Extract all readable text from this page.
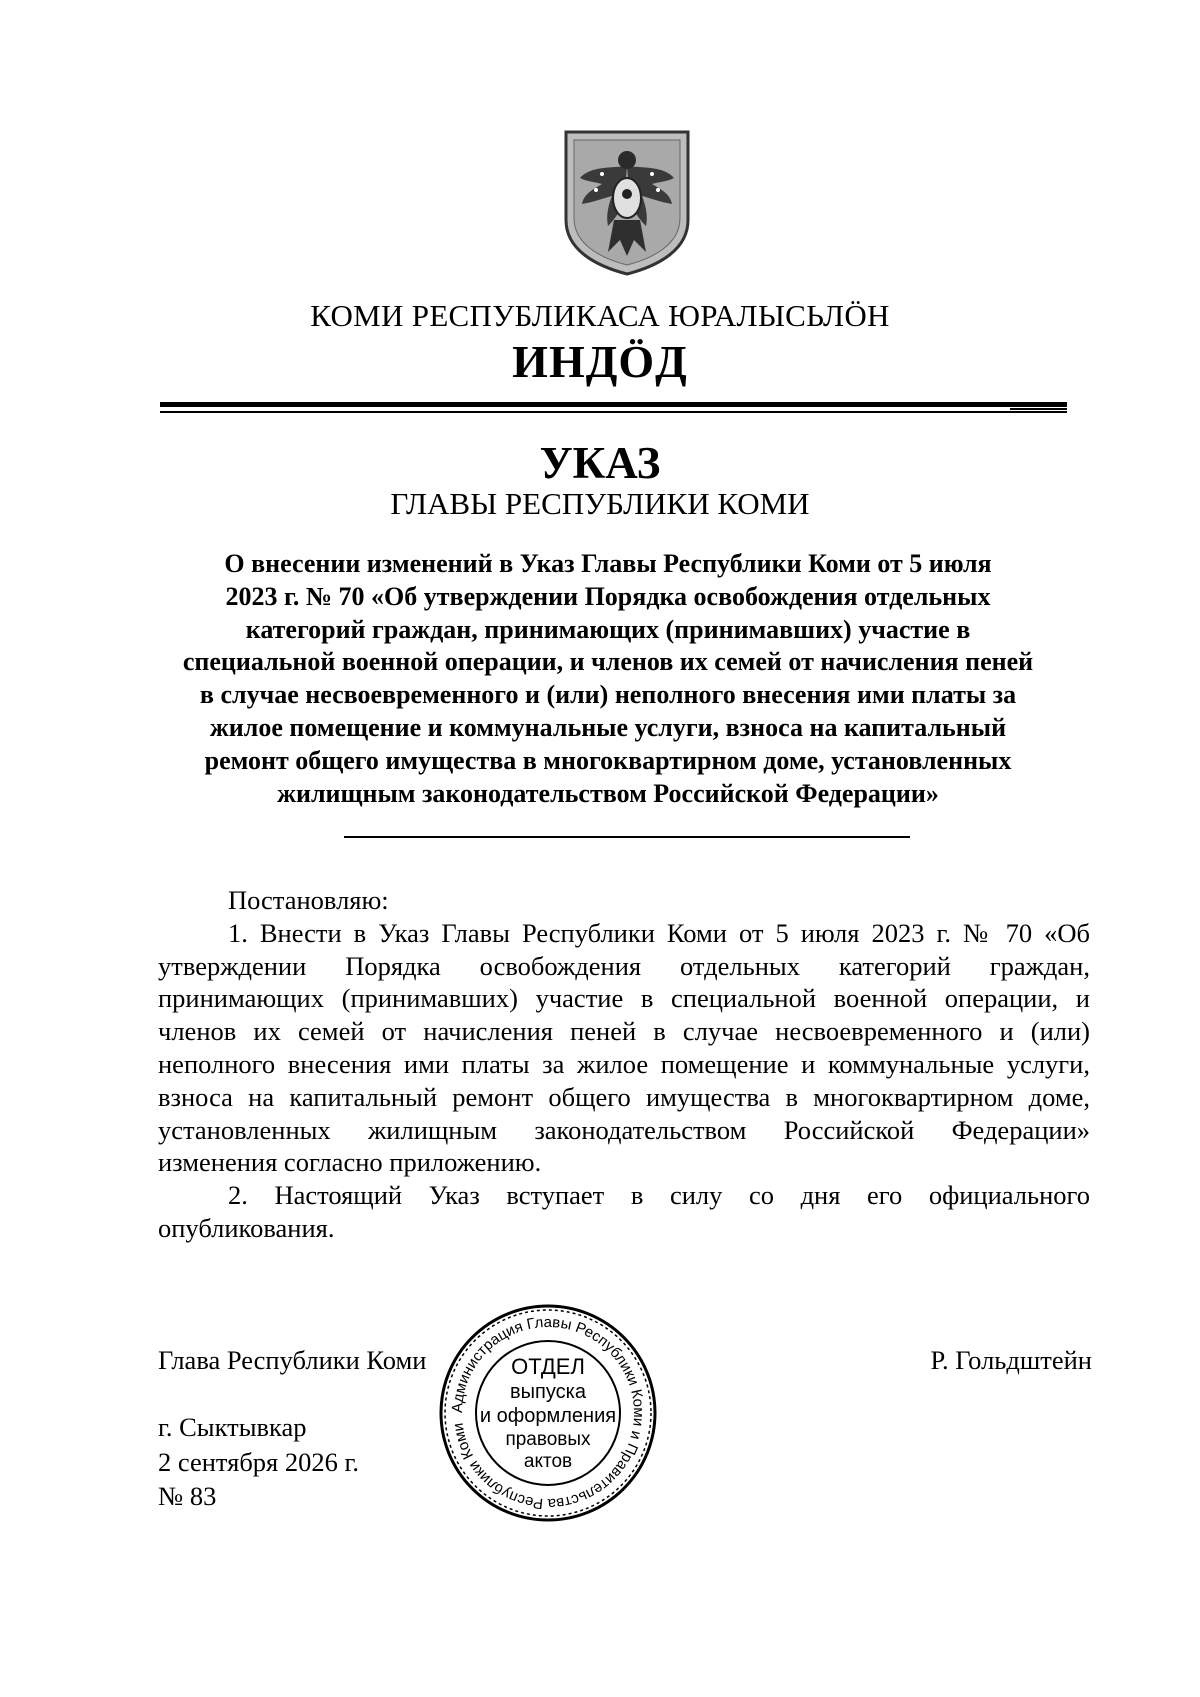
КОМИ РЕСПУБЛИКАСА ЮРАЛЫСЬЛӦН
ИНДӦД
УКАЗ
ГЛАВЫ РЕСПУБЛИКИ КОМИ
О внесении изменений в Указ Главы Республики Коми от 5 июля
2023 г. № 70 «Об утверждении Порядка освобождения отдельных
категорий граждан, принимающих (принимавших) участие в
специальной военной операции, и членов их семей от начисления пеней
в случае несвоевременного и (или) неполного внесения ими платы за
жилое помещение и коммунальные услуги, взноса на капитальный
ремонт общего имущества в многоквартирном доме, установленных
жилищным законодательством Российской Федерации»

Постановляю:

1. Внести в Указ Главы Республики Коми от 5 июля 2023 г. № 70 «Об утверждении Порядка освобождения отдельных категорий граждан, принимающих (принимавших) участие в специальной военной операции, и членов их семей от начисления пеней в случае несвоевременного и (или) неполного внесения ими платы за жилое помещение и коммунальные услуги, взноса на капитальный ремонт общего имущества в многоквартирном доме, установленных жилищным законодательством Российской Федерации» изменения согласно приложению.

2. Настоящий Указ вступает в силу со дня его официального опубликования.

Глава Республики Коми	Р. Гольдштейн
г. Сыктывкар
2 сентября 2026 г.
№ 83
Администрация Главы Республики Коми и Правительства Республики Коми
ОТДЕЛ
выпуска
и оформления
правовых
актов
